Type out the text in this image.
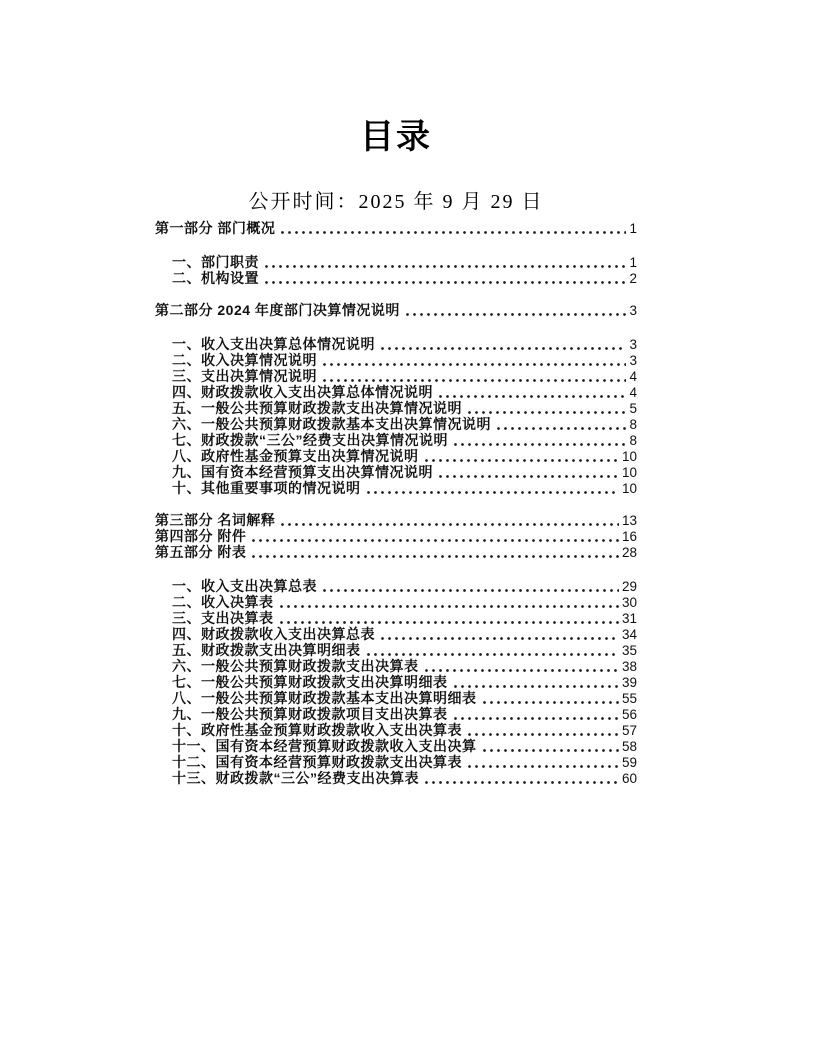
目录
公开时间：2025 年 9 月 29 日
第一部分 部门概况	1
一、部门职责	1
二、机构设置	2
第二部分 2024 年度部门决算情况说明	3
一、收入支出决算总体情况说明	3
二、收入决算情况说明	3
三、支出决算情况说明	4
四、财政拨款收入支出决算总体情况说明	4
五、一般公共预算财政拨款支出决算情况说明	5
六、一般公共预算财政拨款基本支出决算情况说明	8
七、财政拨款“三公”经费支出决算情况说明	8
八、政府性基金预算支出决算情况说明	10
九、国有资本经营预算支出决算情况说明	10
十、其他重要事项的情况说明	10
第三部分 名词解释	13
第四部分 附件	16
第五部分 附表	28
一、收入支出决算总表	29
二、收入决算表	30
三、支出决算表	31
四、财政拨款收入支出决算总表	34
五、财政拨款支出决算明细表	35
六、一般公共预算财政拨款支出决算表	38
七、一般公共预算财政拨款支出决算明细表	39
八、一般公共预算财政拨款基本支出决算明细表	55
九、一般公共预算财政拨款项目支出决算表	56
十、政府性基金预算财政拨款收入支出决算表	57
十一、国有资本经营预算财政拨款收入支出决算	58
十二、国有资本经营预算财政拨款支出决算表	59
十三、财政拨款“三公”经费支出决算表	60
